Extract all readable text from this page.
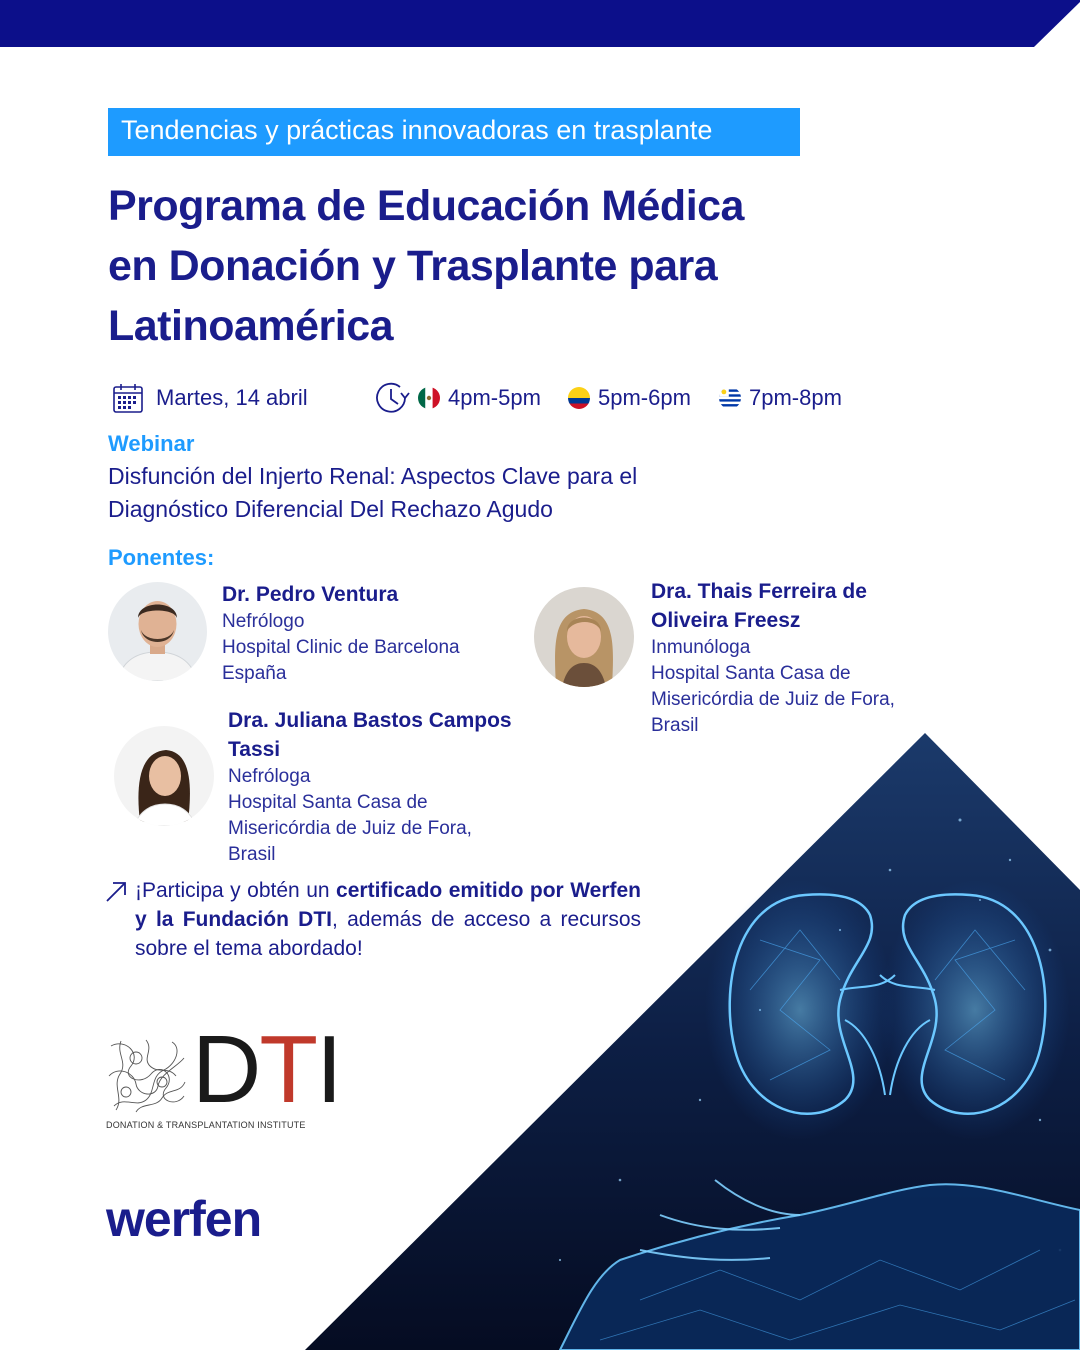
Tendencias y prácticas innovadoras en trasplante
Programa de Educación Médica
en Donación y Trasplante para
Latinoamérica
Martes, 14 abril	4pm-5pm	5pm-6pm	7pm-8pm
Webinar
Disfunción del Injerto Renal: Aspectos Clave para el
Diagnóstico Diferencial Del Rechazo Agudo
Ponentes:
Dr. Pedro Ventura
Nefrólogo
Hospital Clinic de Barcelona
España
Dra. Thais Ferreira de
Oliveira Freesz
Inmunóloga
Hospital Santa Casa de
Misericórdia de Juiz de Fora,
Brasil
Dra. Juliana Bastos Campos
Tassi
Nefróloga
Hospital Santa Casa de
Misericórdia de Juiz de Fora,
Brasil

¡Participa y obtén un certificado emitido por Werfen y la Fundación DTI, además de acceso a recursos sobre el tema abordado!

DTI
DONATION & TRANSPLANTATION INSTITUTE
werfen
